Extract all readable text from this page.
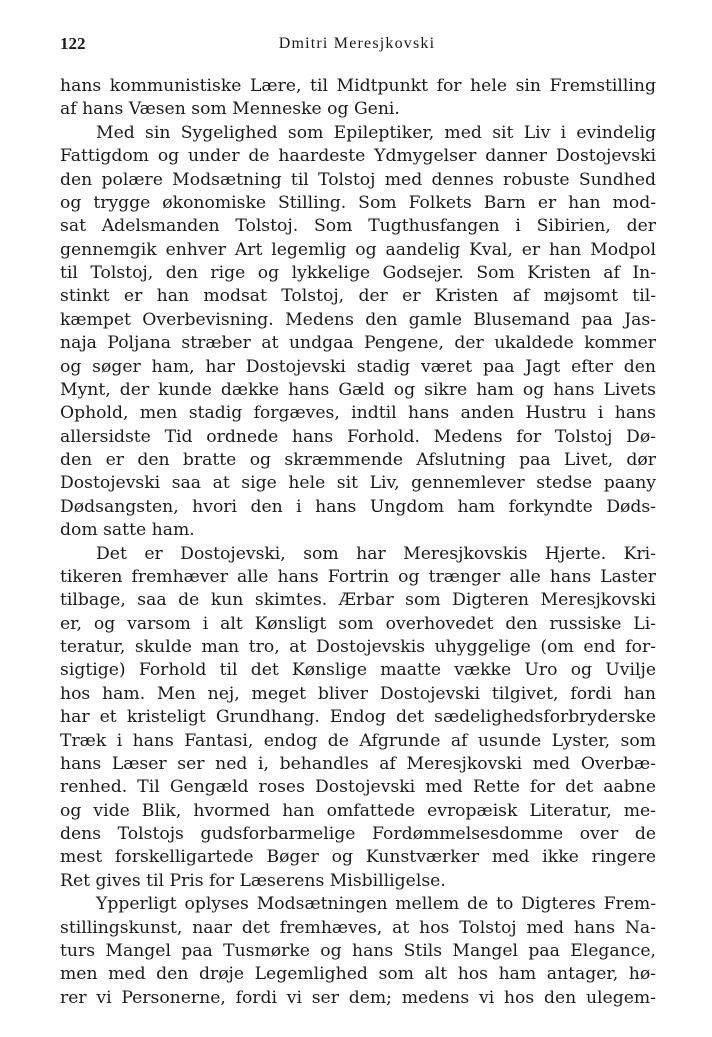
122	Dmitri Meresjkovski
hans kommunistiske Lære, til Midtpunkt for hele sin Fremstilling
af hans Væsen som Menneske og Geni.
Med sin Sygelighed som Epileptiker, med sit Liv i evindelig
Fattigdom og under de haardeste Ydmygelser danner Dostojevski
den polære Modsætning til Tolstoj med dennes robuste Sundhed
og trygge økonomiske Stilling. Som Folkets Barn er han mod-
sat Adelsmanden Tolstoj. Som Tugthusfangen i Sibirien, der
gennemgik enhver Art legemlig og aandelig Kval, er han Modpol
til Tolstoj, den rige og lykkelige Godsejer. Som Kristen af In-
stinkt er han modsat Tolstoj, der er Kristen af møjsomt til-
kæmpet Overbevisning. Medens den gamle Blusemand paa Jas-
naja Poljana stræber at undgaa Pengene, der ukaldede kommer
og søger ham, har Dostojevski stadig været paa Jagt efter den
Mynt, der kunde dække hans Gæld og sikre ham og hans Livets
Ophold, men stadig forgæves, indtil hans anden Hustru i hans
allersidste Tid ordnede hans Forhold. Medens for Tolstoj Dø-
den er den bratte og skræmmende Afslutning paa Livet, dør
Dostojevski saa at sige hele sit Liv, gennemlever stedse paany
Dødsangsten, hvori den i hans Ungdom ham forkyndte Døds-
dom satte ham.
Det er Dostojevski, som har Meresjkovskis Hjerte. Kri-
tikeren fremhæver alle hans Fortrin og trænger alle hans Laster
tilbage, saa de kun skimtes. Ærbar som Digteren Meresjkovski
er, og varsom i alt Kønsligt som overhovedet den russiske Li-
teratur, skulde man tro, at Dostojevskis uhyggelige (om end for-
sigtige) Forhold til det Kønslige maatte vække Uro og Uvilje
hos ham. Men nej, meget bliver Dostojevski tilgivet, fordi han
har et kristeligt Grundhang. Endog det sædelighedsforbryderske
Træk i hans Fantasi, endog de Afgrunde af usunde Lyster, som
hans Læser ser ned i, behandles af Meresjkovski med Overbæ-
renhed. Til Gengæld roses Dostojevski med Rette for det aabne
og vide Blik, hvormed han omfattede evropæisk Literatur, me-
dens Tolstojs gudsforbarmelige Fordømmelsesdomme over de
mest forskelligartede Bøger og Kunstværker med ikke ringere
Ret gives til Pris for Læserens Misbilligelse.
Ypperligt oplyses Modsætningen mellem de to Digteres Frem-
stillingskunst, naar det fremhæves, at hos Tolstoj med hans Na-
turs Mangel paa Tusmørke og hans Stils Mangel paa Elegance,
men med den drøje Legemlighed som alt hos ham antager, hø-
rer vi Personerne, fordi vi ser dem; medens vi hos den ulegem-
